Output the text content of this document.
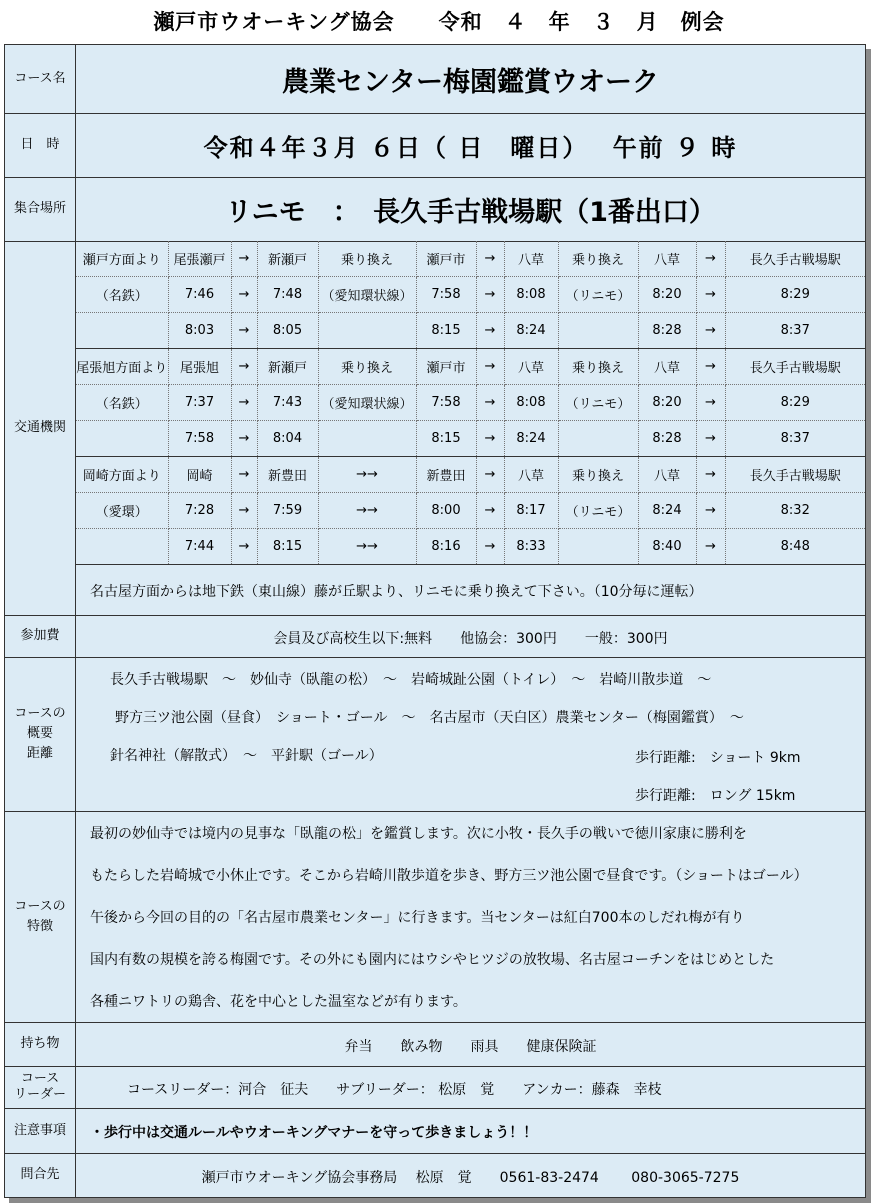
瀬戸市ウオーキング協会　　令和　４　年　３　月　例会
コース名	農業センター梅園鑑賞ウオーク
日　時	令和４年３月 ６日（ 日　曜日）　 午前 ９ 時
集合場所	リニモ　：　長久手古戦場駅（1番出口）
交通機関
瀬戸方面より	尾張瀬戸	→	新瀬戸	乗り換え	瀬戸市	→	八草	乗り換え	八草	→	長久手古戦場駅
（名鉄）	7:46	→	7:48	（愛知環状線）	7:58	→	8:08	（リニモ）	8:20	→	8:29
	8:03	→	8:05		8:15	→	8:24		8:28	→	8:37
尾張旭方面より	尾張旭	→	新瀬戸	乗り換え	瀬戸市	→	八草	乗り換え	八草	→	長久手古戦場駅
（名鉄）	7:37	→	7:43	（愛知環状線）	7:58	→	8:08	（リニモ）	8:20	→	8:29
	7:58	→	8:04		8:15	→	8:24		8:28	→	8:37
岡崎方面より	岡崎	→	新豊田	→→	新豊田	→	八草	乗り換え	八草	→	長久手古戦場駅
（愛環）	7:28	→	7:59	→→	8:00	→	8:17	（リニモ）	8:24	→	8:32
	7:44	→	8:15	→→	8:16	→	8:33		8:40	→	8:48
名古屋方面からは地下鉄（東山線）藤が丘駅より、リニモに乗り換えて下さい。（10分毎に運転）
参加費	会員及び高校生以下:無料　　他協会：300円　　一般：300円
コースの
概要
距離
長久手古戦場駅　～　妙仙寺（臥龍の松）　～　岩崎城趾公園（トイレ）　～　岩崎川散歩道　～
野方三ツ池公園（昼食）　ショート・ゴール　～　名古屋市（天白区）農業センター（梅園鑑賞）　～
針名神社（解散式）　～　平針駅（ゴール）	歩行距離:　ショート 9km
歩行距離:　ロング 15km
コースの
特徴
最初の妙仙寺では境内の見事な「臥龍の松」を鑑賞します。次に小牧・長久手の戦いで徳川家康に勝利を
もたらした岩崎城で小休止です。そこから岩崎川散歩道を歩き、野方三ツ池公園で昼食です。（ショートはゴール）
午後から今回の目的の「名古屋市農業センター」に行きます。当センターは紅白700本のしだれ梅が有り
国内有数の規模を誇る梅園です。その外にも園内にはウシやヒツジの放牧場、名古屋コーチンをはじめとした
各種ニワトリの鶏舎、花を中心とした温室などが有ります。
持ち物	弁当　　飲み物　　雨具　　健康保険証
コース
リーダー	コースリーダー：河合　征夫　　サブリーダー： 松原　覚　　アンカー：藤森　幸枝
注意事項	・歩行中は交通ルールやウオーキングマナーを守って歩きましょう！！
問合先	瀬戸市ウオーキング協会事務局　 松原　覚　　0561-83-2474　　 080-3065-7275
